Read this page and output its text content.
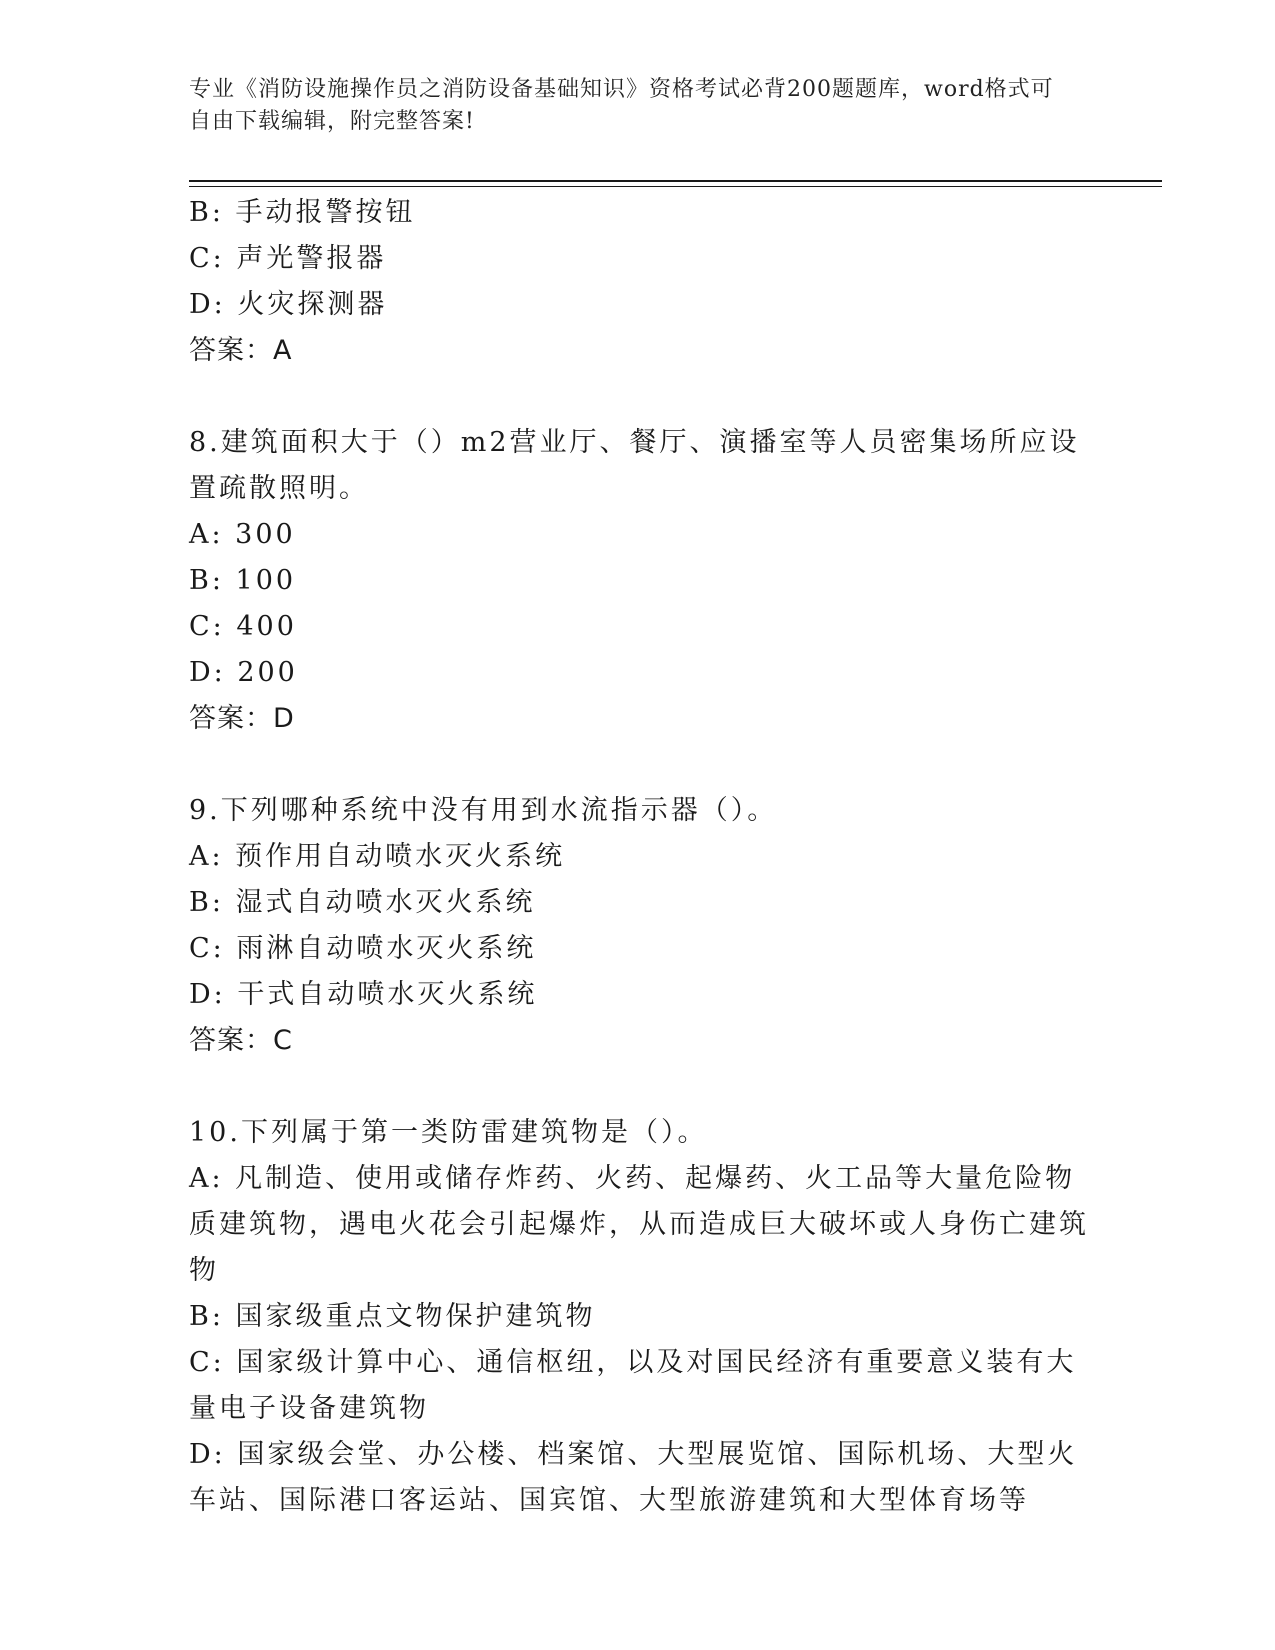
专业《消防设施操作员之消防设备基础知识》资格考试必背200题题库，word格式可自由下载编辑，附完整答案!
B: 手动报警按钮
C: 声光警报器
D: 火灾探测器
答案：A
8.建筑面积大于（）m2营业厅、餐厅、演播室等人员密集场所应设置疏散照明。
A: 300
B: 100
C: 400
D: 200
答案：D
9.下列哪种系统中没有用到水流指示器（）。
A: 预作用自动喷水灭火系统
B: 湿式自动喷水灭火系统
C: 雨淋自动喷水灭火系统
D: 干式自动喷水灭火系统
答案：C
10.下列属于第一类防雷建筑物是（）。
A: 凡制造、使用或储存炸药、火药、起爆药、火工品等大量危险物质建筑物，遇电火花会引起爆炸，从而造成巨大破坏或人身伤亡建筑物
B: 国家级重点文物保护建筑物
C: 国家级计算中心、通信枢纽，以及对国民经济有重要意义装有大量电子设备建筑物
D: 国家级会堂、办公楼、档案馆、大型展览馆、国际机场、大型火车站、国际港口客运站、国宾馆、大型旅游建筑和大型体育场等
